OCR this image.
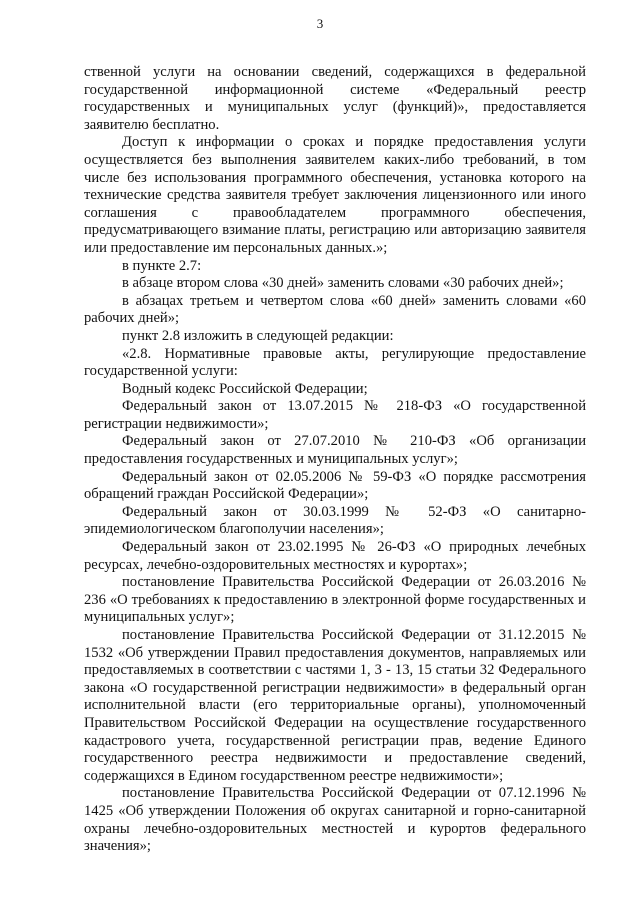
3

ственной услуги на основании сведений, содержащихся в федеральной государственной информационной системе «Федеральный реестр государственных и муниципальных услуг (функций)», предоставляется заявителю бесплатно.

Доступ к информации о сроках и порядке предоставления услуги осуществляется без выполнения заявителем каких-либо требований, в том числе без использования программного обеспечения, установка которого на технические средства заявителя требует заключения лицензионного или иного соглашения с правообладателем программного обеспечения, предусматривающего взимание платы, регистрацию или авторизацию заявителя или предоставление им персональных данных.»;

в пункте 2.7:

в абзаце втором слова «30 дней» заменить словами «30 рабочих дней»;

в абзацах третьем и четвертом слова «60 дней» заменить словами «60 рабочих дней»;

пункт 2.8 изложить в следующей редакции:

«2.8. Нормативные правовые акты, регулирующие предоставление государственной услуги:

Водный кодекс Российской Федерации;

Федеральный закон от 13.07.2015 № 218-ФЗ «О государственной регистрации недвижимости»;

Федеральный закон от 27.07.2010 № 210-ФЗ «Об организации предоставления государственных и муниципальных услуг»;

Федеральный закон от 02.05.2006 № 59-ФЗ «О порядке рассмотрения обращений граждан Российской Федерации»;

Федеральный закон от 30.03.1999 № 52-ФЗ «О санитарно-эпидемиологическом благополучии населения»;

Федеральный закон от 23.02.1995 № 26-ФЗ «О природных лечебных ресурсах, лечебно-оздоровительных местностях и курортах»;

постановление Правительства Российской Федерации от 26.03.2016 № 236 «О требованиях к предоставлению в электронной форме государственных и муниципальных услуг»;

постановление Правительства Российской Федерации от 31.12.2015 № 1532 «Об утверждении Правил предоставления документов, направляемых или предоставляемых в соответствии с частями 1, 3 - 13, 15 статьи 32 Федерального закона «О государственной регистрации недвижимости» в федеральный орган исполнительной власти (его территориальные органы), уполномоченный Правительством Российской Федерации на осуществление государственного кадастрового учета, государственной регистрации прав, ведение Единого государственного реестра недвижимости и предоставление сведений, содержащихся в Едином государственном реестре недвижимости»;

постановление Правительства Российской Федерации от 07.12.1996 № 1425 «Об утверждении Положения об округах санитарной и горно-санитарной охраны лечебно-оздоровительных местностей и курортов федерального значения»;
